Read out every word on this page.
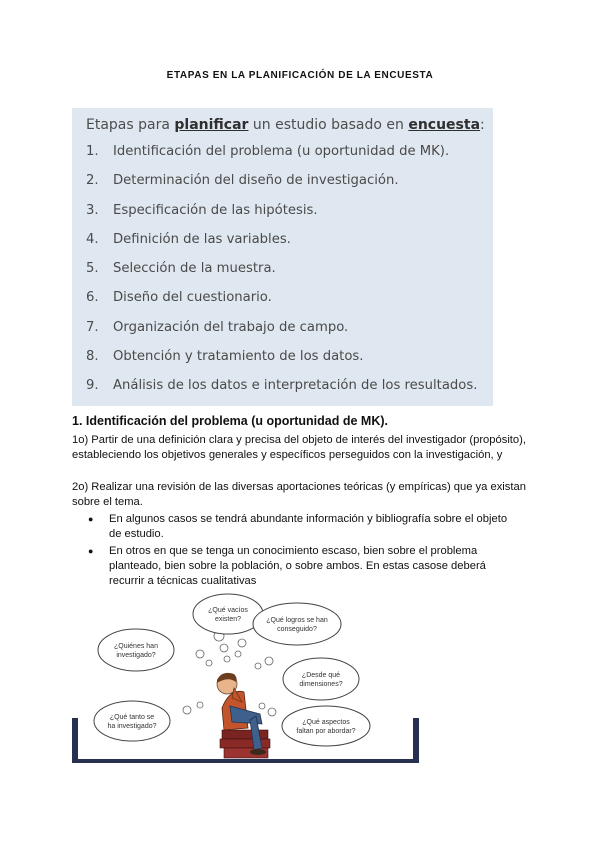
ETAPAS EN LA PLANIFICACIÓN DE LA ENCUESTA
Etapas para planificar un estudio basado en encuesta:
1.	Identificación del problema (u oportunidad de MK).
2.	Determinación del diseño de investigación.
3.	Especificación de las hipótesis.
4.	Definición de las variables.
5.	Selección de la muestra.
6.	Diseño del cuestionario.
7.	Organización del trabajo de campo.
8.	Obtención y tratamiento de los datos.
9.	Análisis de los datos e interpretación de los resultados.
1. Identificación del problema (u oportunidad de MK).
1o) Partir de una definición clara y precisa del objeto de interés del investigador (propósito), estableciendo los objetivos generales y específicos perseguidos con la investigación, y
2o) Realizar una revisión de las diversas aportaciones teóricas (y empíricas) que ya existan sobre el tema.
● En algunos casos se tendrá abundante información y bibliografía sobre el objeto de estudio.
● En otros en que se tenga un conocimiento escaso, bien sobre el problema planteado, bien sobre la población, o sobre ambos. En estas casose deberá recurrir a técnicas cualitativas
¿Qué vacíos
existen?	¿Qué logros se han
conseguido?
¿Quiénes han
investigado?
¿Desde qué
dimensiones?
¿Qué tanto se
ha investigado?
¿Qué aspectos
faltan por abordar?
